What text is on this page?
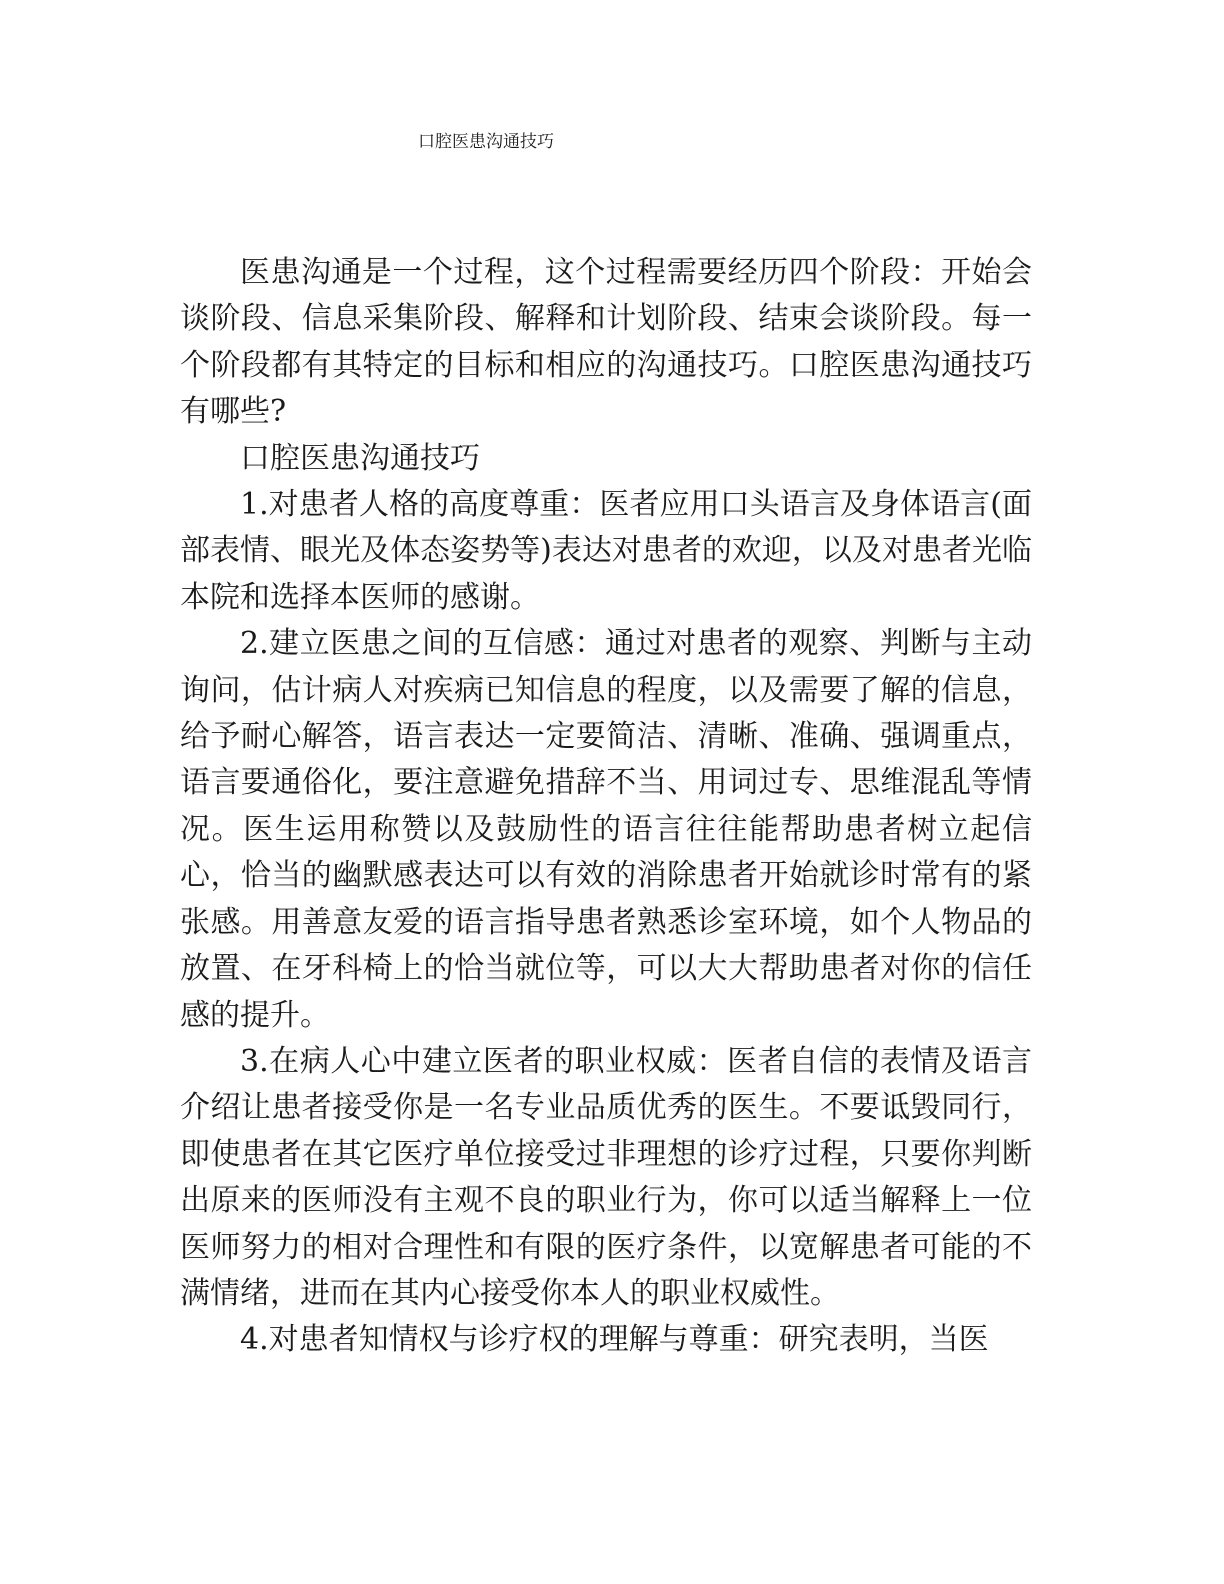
口腔医患沟通技巧

医患沟通是一个过程，这个过程需要经历四个阶段：开始会谈阶段、信息采集阶段、解释和计划阶段、结束会谈阶段。每一个阶段都有其特定的目标和相应的沟通技巧。口腔医患沟通技巧有哪些?

口腔医患沟通技巧

1.对患者人格的高度尊重：医者应用口头语言及身体语言(面部表情、眼光及体态姿势等)表达对患者的欢迎，以及对患者光临本院和选择本医师的感谢。

2.建立医患之间的互信感：通过对患者的观察、判断与主动询问，估计病人对疾病已知信息的程度，以及需要了解的信息，给予耐心解答，语言表达一定要简洁、清晰、准确、强调重点，语言要通俗化，要注意避免措辞不当、用词过专、思维混乱等情况。医生运用称赞以及鼓励性的语言往往能帮助患者树立起信心，恰当的幽默感表达可以有效的消除患者开始就诊时常有的紧张感。用善意友爱的语言指导患者熟悉诊室环境，如个人物品的放置、在牙科椅上的恰当就位等，可以大大帮助患者对你的信任感的提升。

3.在病人心中建立医者的职业权威：医者自信的表情及语言介绍让患者接受你是一名专业品质优秀的医生。不要诋毁同行，即使患者在其它医疗单位接受过非理想的诊疗过程，只要你判断出原来的医师没有主观不良的职业行为，你可以适当解释上一位医师努力的相对合理性和有限的医疗条件，以宽解患者可能的不满情绪，进而在其内心接受你本人的职业权威性。

4.对患者知情权与诊疗权的理解与尊重：研究表明，当医
